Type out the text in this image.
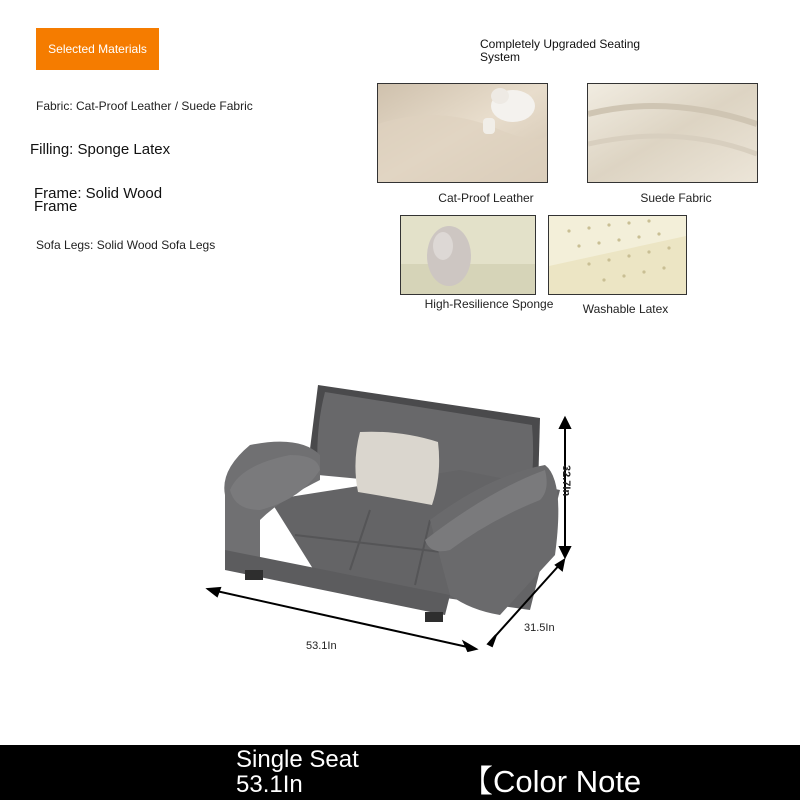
Selected Materials
Fabric: Cat-Proof Leather / Suede Fabric
Filling: Sponge Latex
Frame: Solid Wood
Frame
Sofa Legs: Solid Wood Sofa Legs
Completely Upgraded Seating
System
Cat-Proof Leather	Suede Fabric
High-Resilience Sponge	Washable Latex
53.1In
31.5In
32.7In
Single Seat
53.1In	【Color Note
